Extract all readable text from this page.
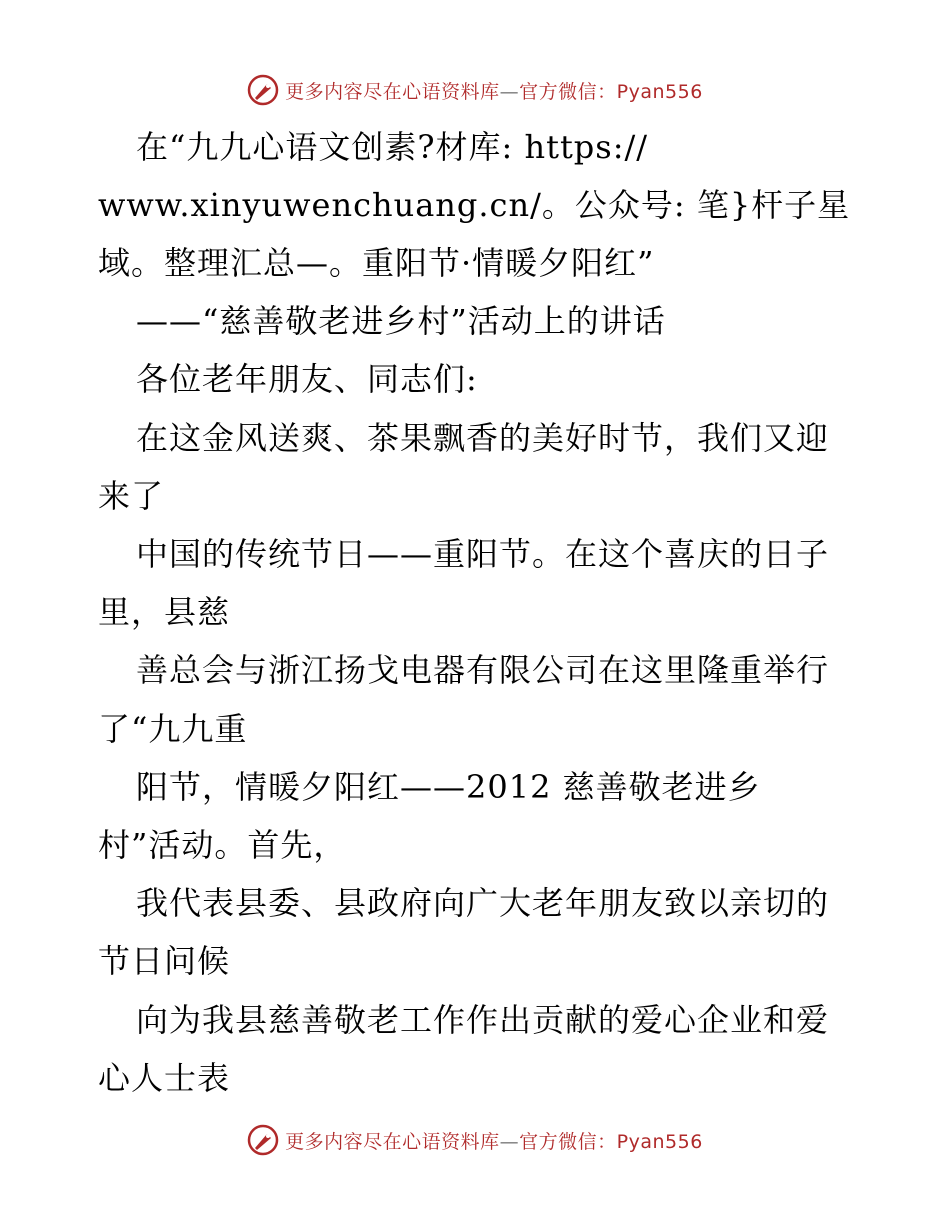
更多内容尽在心语资料库—官方微信：Pyan556
在“九九心语文创素?材库: https://
www.xinyuwenchuang.cn/。公众号: 笔}杆子星
域。整理汇总—。重阳节·情暖夕阳红”
——“慈善敬老进乡村”活动上的讲话
各位老年朋友、同志们:
在这金风送爽、茶果飘香的美好时节，我们又迎
来了
中国的传统节日——重阳节。在这个喜庆的日子
里，县慈
善总会与浙江扬戈电器有限公司在这里隆重举行
了“九九重
阳节，情暖夕阳红——2012 慈善敬老进乡
村”活动。首先，
我代表县委、县政府向广大老年朋友致以亲切的
节日问候
向为我县慈善敬老工作作出贡献的爱心企业和爱
心人士表
更多内容尽在心语资料库—官方微信：Pyan556
